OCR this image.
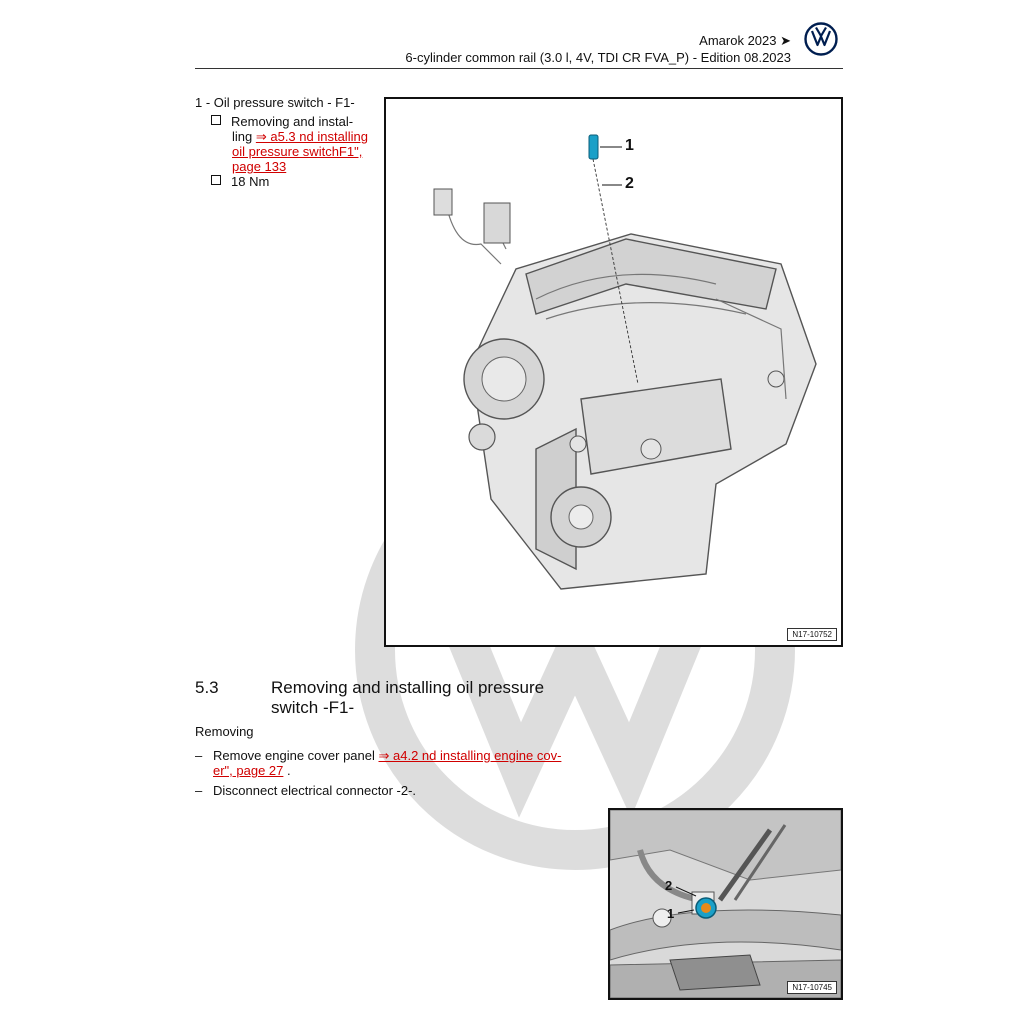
Amarok 2023 ➤
6-cylinder common rail (3.0 l, 4V, TDI CR FVA_P) - Edition 08.2023
1 - Oil pressure switch - F1-
Removing and instal-
ling ⇒ a5.3 nd installing
oil pressure switchF1",
page 133
18 Nm
1
2
N17-10752
5.3	Removing and installing oil pressure
switch -F1-
Removing
– Remove engine cover panel ⇒ a4.2 nd installing engine cov-
er", page 27 .
– Disconnect electrical connector -2-.
2
1
N17-10745
